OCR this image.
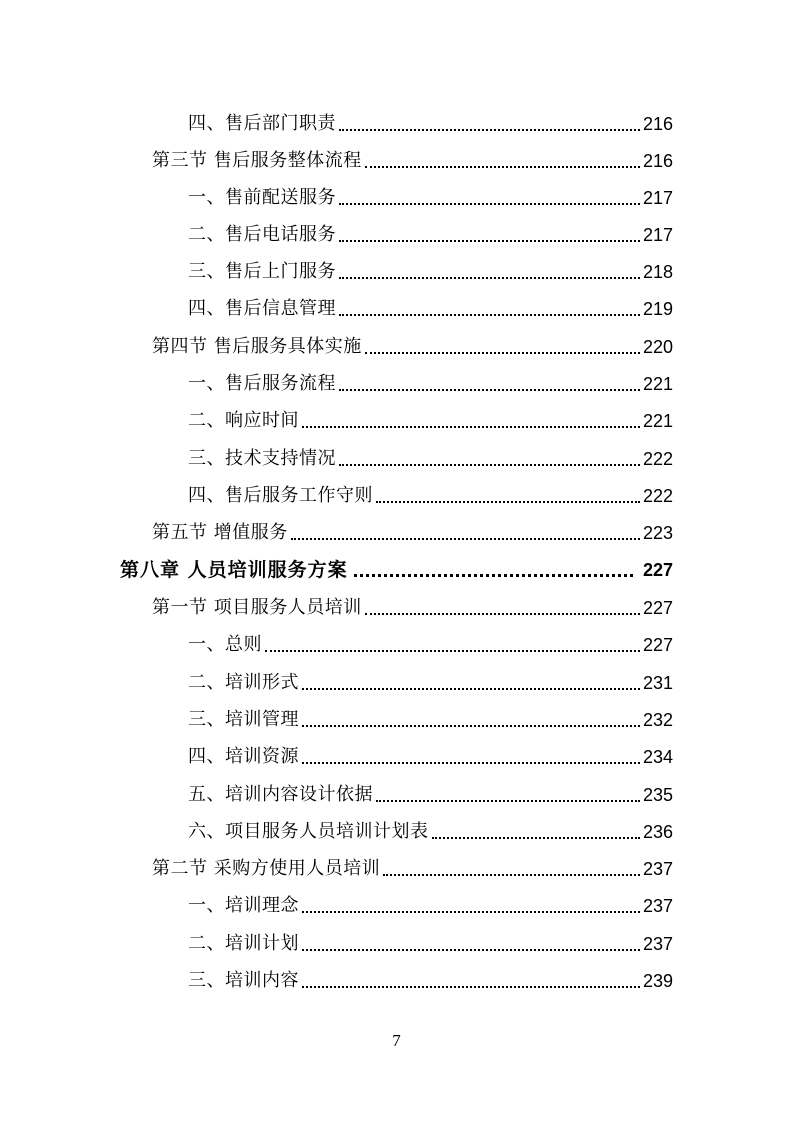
四、售后部门职责	216
第三节 售后服务整体流程	216
一、售前配送服务	217
二、售后电话服务	217
三、售后上门服务	218
四、售后信息管理	219
第四节 售后服务具体实施	220
一、售后服务流程	221
二、响应时间	221
三、技术支持情况	222
四、售后服务工作守则	222
第五节 增值服务	223
第八章 人员培训服务方案	227
第一节 项目服务人员培训	227
一、总则	227
二、培训形式	231
三、培训管理	232
四、培训资源	234
五、培训内容设计依据	235
六、项目服务人员培训计划表	236
第二节 采购方使用人员培训	237
一、培训理念	237
二、培训计划	237
三、培训内容	239
7
